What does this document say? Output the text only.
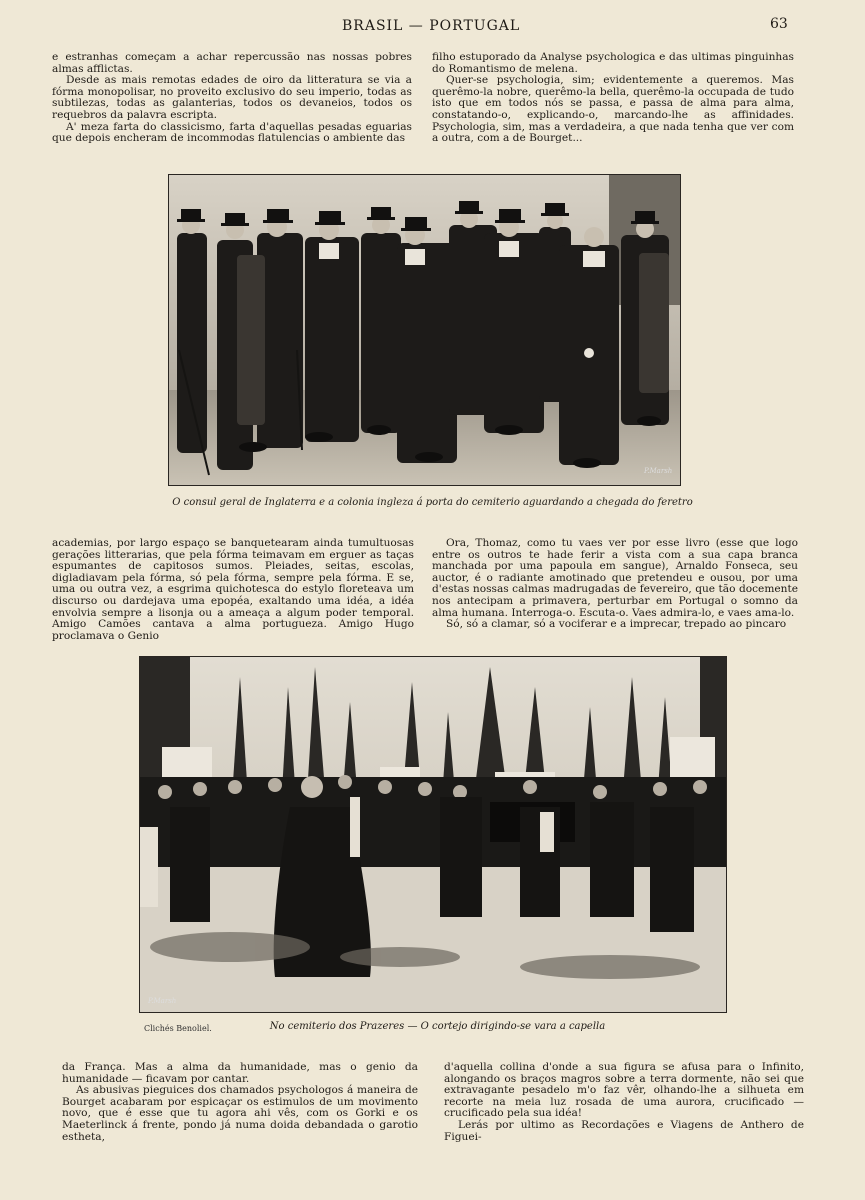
BRASIL — PORTUGAL	63

e estranhas começam a achar repercussão nas nossas pobres almas afflictas.

Desde as mais remotas edades de oiro da litteratura se via a fórma monopolisar, no proveito exclusivo do seu imperio, todas as subtilezas, todas as galanterias, todos os devaneios, todos os requebros da palavra escripta.

A' meza farta do classicismo, farta d'aquellas pesadas eguarias que depois encheram de incommodas flatulencias o ambiente das

filho estuporado da Analyse psychologica e das ultimas pinguinhas do Romantismo de melena.

Quer-se psychologia, sim; evidentemente a queremos. Mas querêmo-la nobre, querêmo-la bella, querêmo-la occupada de tudo isto que em todos nós se passa, e passa de alma para alma, constatando-o, explicando-o, marcando-lhe as affinidades. Psychologia, sim, mas a verdadeira, a que nada tenha que ver com a outra, com a de Bourget...

P.Marsh
O consul geral de Inglaterra e a colonia ingleza á porta do cemiterio aguardando a chegada do feretro

academias, por largo espaço se banquetearam ainda tumultuosas gerações litterarias, que pela fórma teimavam em erguer as taças espumantes de capitosos sumos. Pleiades, seitas, escolas, digladiavam pela fórma, só pela fórma, sempre pela fórma. E se, uma ou outra vez, a esgrima quichotesca do estylo floreteava um discurso ou dardejava uma epopéa, exaltando uma idéa, a idéa envolvia sempre a lisonja ou a ameaça a algum poder temporal. Amigo Camões cantava a alma portugueza. Amigo Hugo proclamava o Genio

Ora, Thomaz, como tu vaes ver por esse livro (esse que logo entre os outros te hade ferir a vista com a sua capa branca manchada por uma papoula em sangue), Arnaldo Fonseca, seu auctor, é o radiante amotinado que pretendeu e ousou, por uma d'estas nossas calmas madrugadas de fevereiro, que tão docemente nos antecipam a primavera, perturbar em Portugal o somno da alma humana. Interroga-o. Escuta-o. Vaes admira-lo, e vaes ama-lo.

Só, só a clamar, só a vociferar e a imprecar, trepado ao pincaro

P.Marsh
Clichés Benoliel.	No cemiterio dos Prazeres — O cortejo dirigindo-se vara a capella

da França. Mas a alma da humanidade, mas o genio da humanidade — ficavam por cantar.

As abusivas pieguices dos chamados psychologos á maneira de Bourget acabaram por espicaçar os estimulos de um movimento novo, que é esse que tu agora ahi vês, com os Gorki e os Maeterlinck á frente, pondo já numa doida debandada o garotio estheta,

d'aquella collina d'onde a sua figura se afusa para o Infinito, alongando os braços magros sobre a terra dormente, não sei que extravagante pesadelo m'o faz vêr, olhando-lhe a silhueta em recorte na meia luz rosada de uma aurora, crucificado — crucificado pela sua idéa!

Lerás por ultimo as Recordações e Viagens de Anthero de Figuei-
